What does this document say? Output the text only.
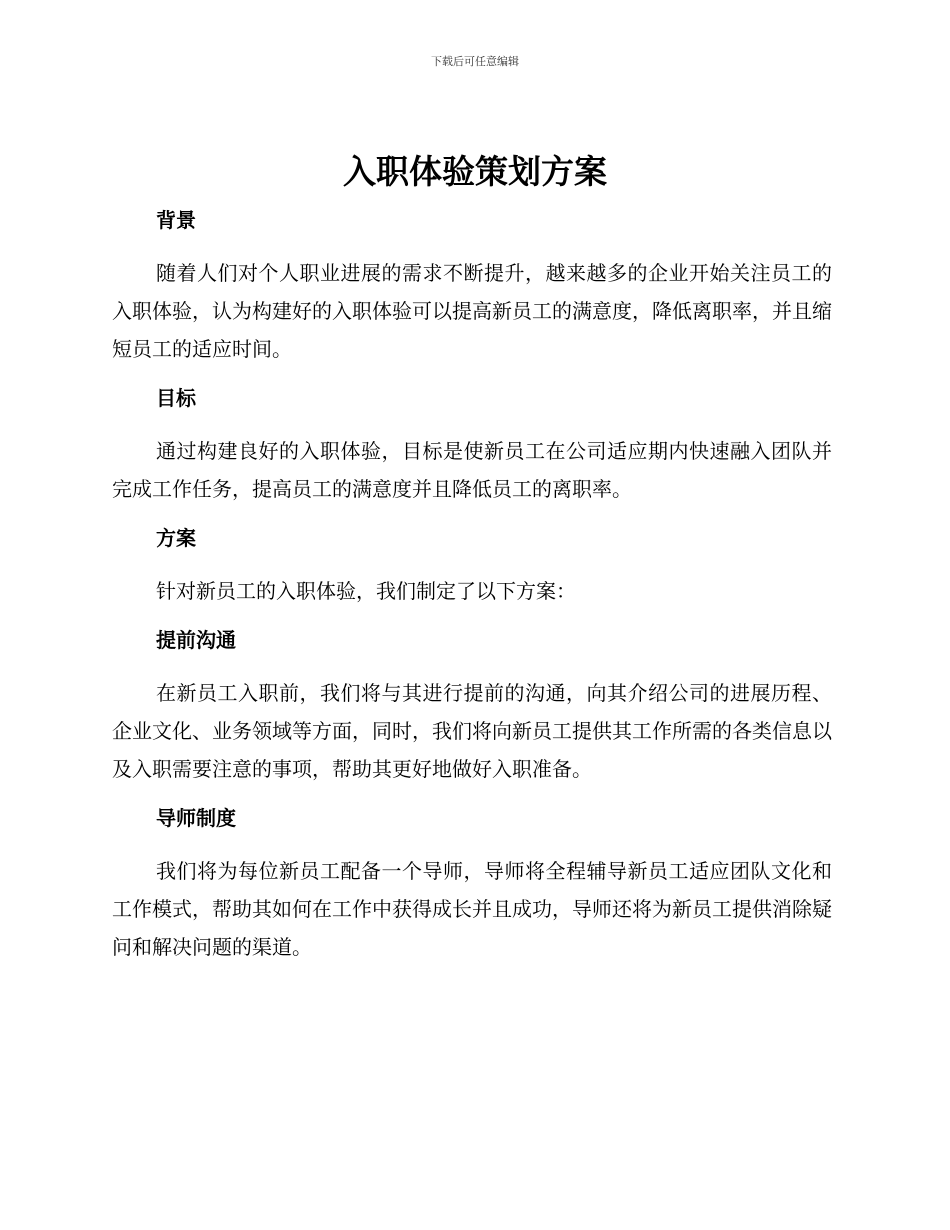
下载后可任意编辑
入职体验策划方案
背景

随着人们对个人职业进展的需求不断提升，越来越多的企业开始关注员工的入职体验，认为构建好的入职体验可以提高新员工的满意度，降低离职率，并且缩短员工的适应时间。

目标

通过构建良好的入职体验，目标是使新员工在公司适应期内快速融入团队并完成工作任务，提高员工的满意度并且降低员工的离职率。

方案

针对新员工的入职体验，我们制定了以下方案：

提前沟通

在新员工入职前，我们将与其进行提前的沟通，向其介绍公司的进展历程、企业文化、业务领域等方面，同时，我们将向新员工提供其工作所需的各类信息以及入职需要注意的事项，帮助其更好地做好入职准备。

导师制度

我们将为每位新员工配备一个导师，导师将全程辅导新员工适应团队文化和工作模式，帮助其如何在工作中获得成长并且成功，导师还将为新员工提供消除疑问和解决问题的渠道。
